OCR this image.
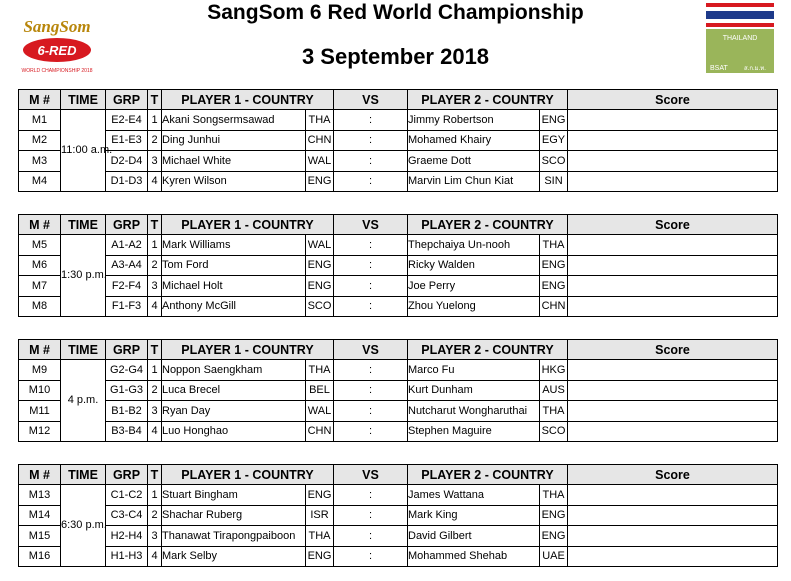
SangSom 6 Red World Championship
3 September 2018
SangSom
6-RED
WORLD CHAMPIONSHIP 2018
THAILAND
BSAT	ส.ก.ม.ท.
M #	TIME	GRP	T	PLAYER 1 - COUNTRY		VS	PLAYER 2 - COUNTRY		Score
M1	11:00 a.m.	E2-E4	1	Akani Songsermsawad	THA	:	Jimmy Robertson	ENG	
M2		E1-E3	2	Ding Junhui	CHN	:	Mohamed Khairy	EGY	
M3		D2-D4	3	Michael White	WAL	:	Graeme Dott	SCO	
M4		D1-D3	4	Kyren Wilson	ENG	:	Marvin Lim Chun Kiat	SIN	
M #	TIME	GRP	T	PLAYER 1 - COUNTRY		VS	PLAYER 2 - COUNTRY		Score
M5	1:30 p.m.	A1-A2	1	Mark Williams	WAL	:	Thepchaiya Un-nooh	THA	
M6		A3-A4	2	Tom Ford	ENG	:	Ricky Walden	ENG	
M7		F2-F4	3	Michael Holt	ENG	:	Joe Perry	ENG	
M8		F1-F3	4	Anthony McGill	SCO	:	Zhou Yuelong	CHN	
M #	TIME	GRP	T	PLAYER 1 - COUNTRY		VS	PLAYER 2 - COUNTRY		Score
M9	4 p.m.	G2-G4	1	Noppon Saengkham	THA	:	Marco Fu	HKG	
M10		G1-G3	2	Luca Brecel	BEL	:	Kurt Dunham	AUS	
M11		B1-B2	3	Ryan Day	WAL	:	Nutcharut Wongharuthai	THA	
M12		B3-B4	4	Luo Honghao	CHN	:	Stephen Maguire	SCO	
M #	TIME	GRP	T	PLAYER 1 - COUNTRY		VS	PLAYER 2 - COUNTRY		Score
M13	6:30 p.m.	C1-C2	1	Stuart Bingham	ENG	:	James Wattana	THA	
M14		C3-C4	2	Shachar Ruberg	ISR	:	Mark King	ENG	
M15		H2-H4	3	Thanawat Tirapongpaiboon	THA	:	David Gilbert	ENG	
M16		H1-H3	4	Mark Selby	ENG	:	Mohammed Shehab	UAE	
